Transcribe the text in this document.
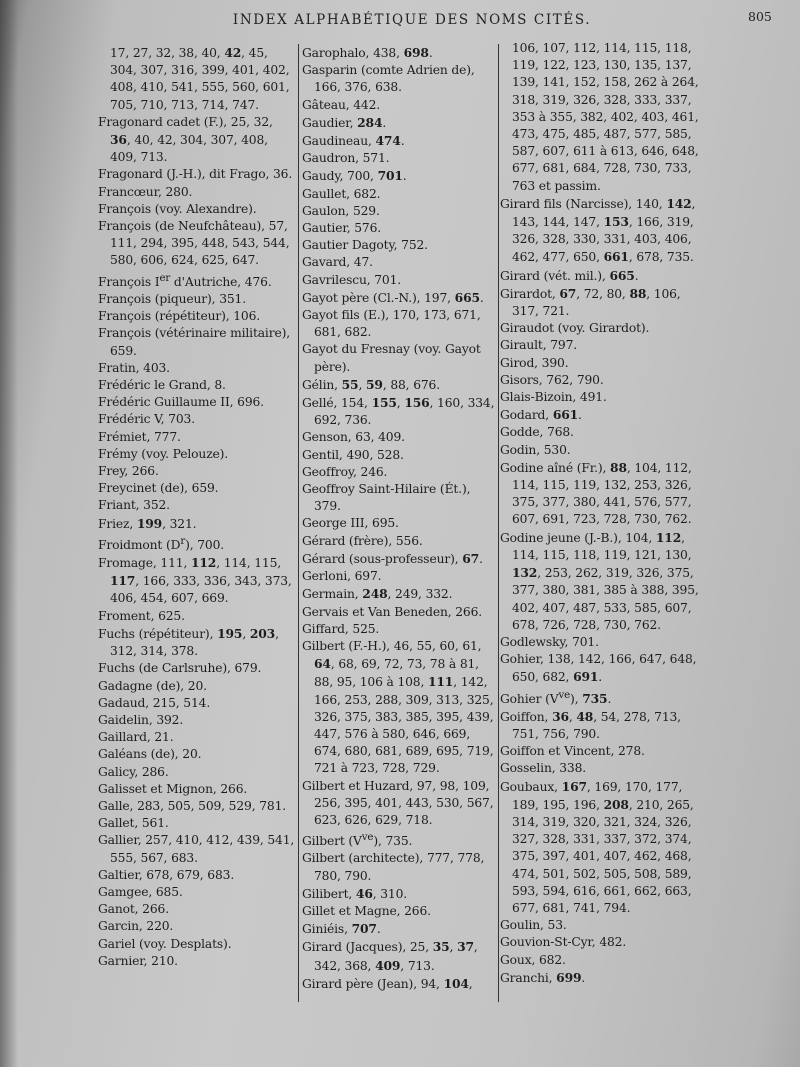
INDEX ALPHABÉTIQUE DES NOMS CITÉS.	805

17, 27, 32, 38, 40, 42, 45, 304, 307, 316, 399, 401, 402, 408, 410, 541, 555, 560, 601, 705, 710, 713, 714, 747.

Fragonard cadet (F.), 25, 32, 36, 40, 42, 304, 307, 408, 409, 713.

Fragonard (J.-H.), dit Frago, 36.

Francœur, 280.

François (voy. Alexandre).

François (de Neufchâteau), 57, 111, 294, 395, 448, 543, 544, 580, 606, 624, 625, 647.

François Ier d'Autriche, 476.

François (piqueur), 351.

François (répétiteur), 106.

François (vétérinaire militaire), 659.

Fratin, 403.

Frédéric le Grand, 8.

Frédéric Guillaume II, 696.

Frédéric V, 703.

Frémiet, 777.

Frémy (voy. Pelouze).

Frey, 266.

Freycinet (de), 659.

Friant, 352.

Friez, 199, 321.

Froidmont $(D^r)$, 700.

Fromage, 111, 112, 114, 115, 117, 166, 333, 336, 343, 373, 406, 454, 607, 669.

Froment, 625.

Fuchs (répétiteur), 195, 203, 312, 314, 378.

Fuchs (de Carlsruhe), 679.

Gadagne (de), 20.

Gadaud, 215, 514.

Gaidelin, 392.

Gaillard, 21.

Galéans (de), 20.

Galicy, 286.

Galisset et Mignon, 266.

Galle, 283, 505, 509, 529, 781.

Gallet, 561.

Gallier, 257, 410, 412, 439, 541, 555, 567, 683.

Galtier, 678, 679, 683.

Gamgee, 685.

Ganot, 266.

Garcin, 220.

Gariel (voy. Desplats).

Garnier, 210.

Garophalo, 438, 698.

Gasparin (comte Adrien de), 166, 376, 638.

Gâteau, 442.

Gaudier, 284.

Gaudineau, 474.

Gaudron, 571.

Gaudy, 700, 701.

Gaullet, 682.

Gaulon, 529.

Gautier, 576.

Gautier Dagoty, 752.

Gavard, 47.

Gavrilescu, 701.

Gayot père (Cl.-N.), 197, 665.

Gayot fils (E.), 170, 173, 671, 681, 682.

Gayot du Fresnay (voy. Gayot père).

Gélin, 55, 59, 88, 676.

Gellé, 154, 155, 156, 160, 334, 692, 736.

Genson, 63, 409.

Gentil, 490, 528.

Geoffroy, 246.

Geoffroy Saint-Hilaire (Ét.), 379.

George III, 695.

Gérard (frère), 556.

Gérard (sous-professeur), 67.

Gerloni, 697.

Germain, 248, 249, 332.

Gervais et Van Beneden, 266.

Giffard, 525.

Gilbert (F.-H.), 46, 55, 60, 61, 64, 68, 69, 72, 73, 78 à 81, 88, 95, 106 à 108, 111, 142, 166, 253, 288, 309, 313, 325, 326, 375, 383, 385, 395, 439, 447, 576 à 580, 646, 669, 674, 680, 681, 689, 695, 719, 721 à 723, 728, 729.

Gilbert et Huzard, 97, 98, 109, 256, 395, 401, 443, 530, 567, 623, 626, 629, 718.

Gilbert $(V^{ve})$, 735.

Gilbert (architecte), 777, 778, 780, 790.

Gilibert, 46, 310.

Gillet et Magne, 266.

Giniéis, 707.

Girard (Jacques), 25, 35, 37, 342, 368, 409, 713.

Girard père (Jean), 94, 104,

106, 107, 112, 114, 115, 118, 119, 122, 123, 130, 135, 137, 139, 141, 152, 158, 262 à 264, 318, 319, 326, 328, 333, 337, 353 à 355, 382, 402, 403, 461, 473, 475, 485, 487, 577, 585, 587, 607, 611 à 613, 646, 648, 677, 681, 684, 728, 730, 733, 763 et passim.

Girard fils (Narcisse), 140, 142, 143, 144, 147, 153, 166, 319, 326, 328, 330, 331, 403, 406, 462, 477, 650, 661, 678, 735.

Girard (vét. mil.), 665.

Girardot, 67, 72, 80, 88, 106, 317, 721.

Giraudot (voy. Girardot).

Girault, 797.

Girod, 390.

Gisors, 762, 790.

Glais-Bizoin, 491.

Godard, 661.

Godde, 768.

Godin, 530.

Godine aîné (Fr.), 88, 104, 112, 114, 115, 119, 132, 253, 326, 375, 377, 380, 441, 576, 577, 607, 691, 723, 728, 730, 762.

Godine jeune (J.-B.), 104, 112, 114, 115, 118, 119, 121, 130, 132, 253, 262, 319, 326, 375, 377, 380, 381, 385 à 388, 395, 402, 407, 487, 533, 585, 607, 678, 726, 728, 730, 762.

Godlewsky, 701.

Gohier, 138, 142, 166, 647, 648, 650, 682, 691.

Gohier $(V^{ve})$, 735.

Goiffon, 36, 48, 54, 278, 713, 751, 756, 790.

Goiffon et Vincent, 278.

Gosselin, 338.

Goubaux, 167, 169, 170, 177, 189, 195, 196, 208, 210, 265, 314, 319, 320, 321, 324, 326, 327, 328, 331, 337, 372, 374, 375, 397, 401, 407, 462, 468, 474, 501, 502, 505, 508, 589, 593, 594, 616, 661, 662, 663, 677, 681, 741, 794.

Goulin, 53.

Gouvion-St-Cyr, 482.

Goux, 682.

Granchi, 699.
